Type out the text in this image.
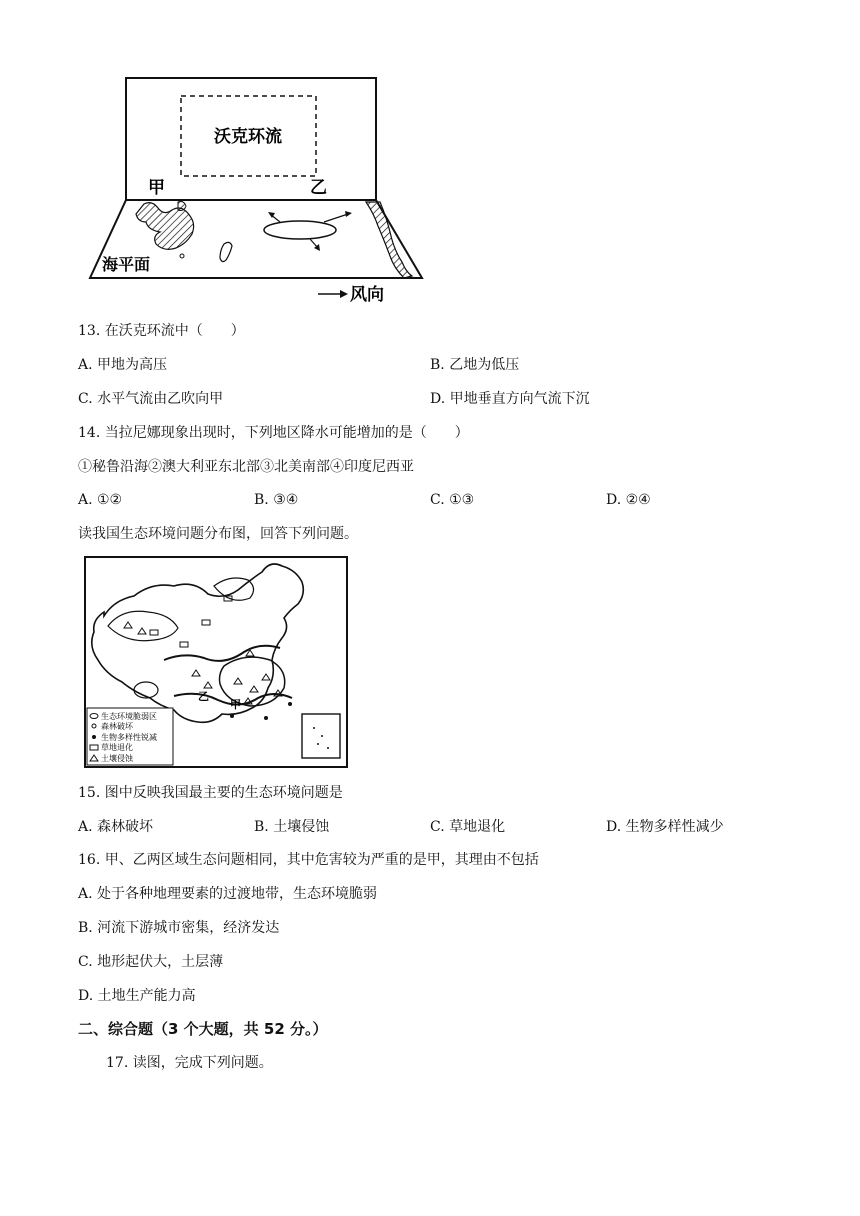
沃克环流
甲	乙
海平面
风向
13. 在沃克环流中（　　）
A. 甲地为高压	B. 乙地为低压
C. 水平气流由乙吹向甲	D. 甲地垂直方向气流下沉
14. 当拉尼娜现象出现时，下列地区降水可能增加的是（　　）
①秘鲁沿海②澳大利亚东北部③北美南部④印度尼西亚
A. ①②	B. ③④	C. ①③	D. ②④
读我国生态环境问题分布图，回答下列问题。
甲
乙
生态环境脆弱区
森林破坏
生物多样性锐减
草地退化
土壤侵蚀
15. 图中反映我国最主要的生态环境问题是
A. 森林破坏	B. 土壤侵蚀	C. 草地退化	D. 生物多样性减少
16. 甲、乙两区域生态问题相同，其中危害较为严重的是甲，其理由不包括
A. 处于各种地理要素的过渡地带，生态环境脆弱
B. 河流下游城市密集，经济发达
C. 地形起伏大，土层薄
D. 土地生产能力高
二、综合题（3 个大题，共 52 分。）
17. 读图，完成下列问题。
